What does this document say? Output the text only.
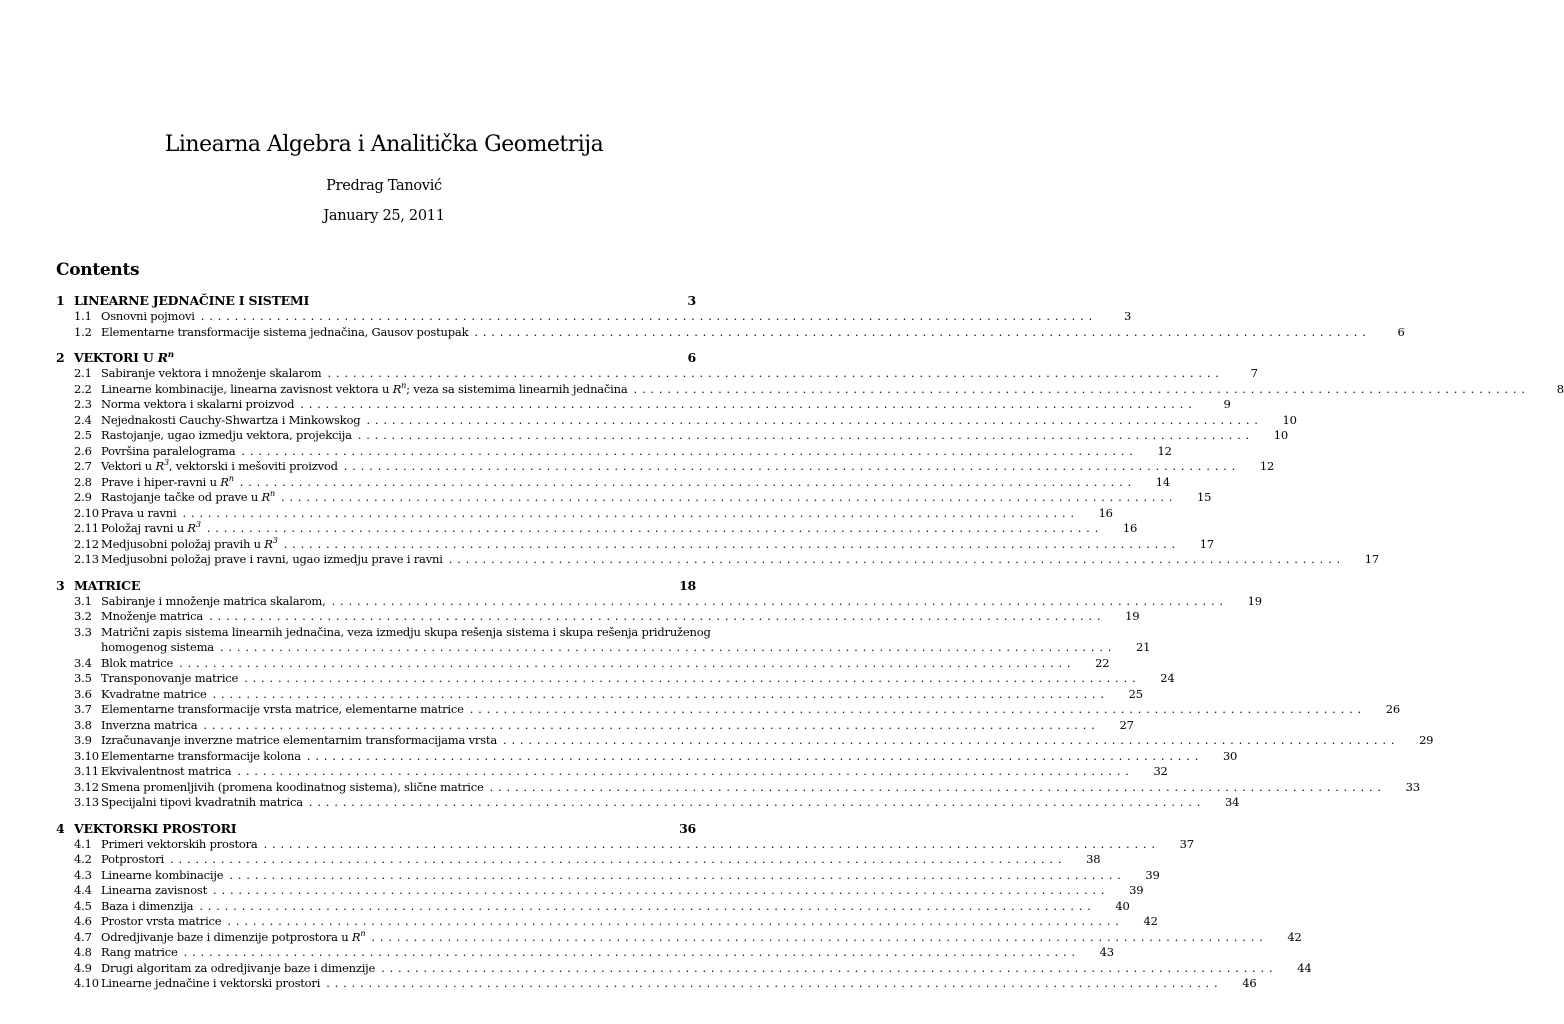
Linearna Algebra i Analitička Geometrija
Predrag Tanović
January 25, 2011
Contents
1 LINEARNE JEDNAČINE I SISTEMI	3
1.1 Osnovni pojmovi ..........................................................................................................	3
1.2 Elementarne transformacije sistema jednačina, Gausov postupak ..........................................................................................................	6
2 VEKTORI U $R^n$	6
2.1 Sabiranje vektora i množenje skalarom ..........................................................................................................	7
2.2 Linearne kombinacije, linearna zavisnost vektora u $R^n$; veza sa sistemima linearnih jednačina ..........................................................................................................	8
2.3 Norma vektora i skalarni proizvod ..........................................................................................................	9
2.4 Nejednakosti Cauchy-Shwartza i Minkowskog ..........................................................................................................	10
2.5 Rastojanje, ugao izmedju vektora, projekcija ..........................................................................................................	10
2.6 Površina paralelograma ..........................................................................................................	12
2.7 Vektori u $R^3$, vektorski i mešoviti proizvod ..........................................................................................................	12
2.8 Prave i hiper-ravni u $R^n$ ..........................................................................................................	14
2.9 Rastojanje tačke od prave u $R^n$ ..........................................................................................................	15
2.10 Prava u ravni ..........................................................................................................	16
2.11 Položaj ravni u $R^3$ ..........................................................................................................	16
2.12 Medjusobni položaj pravih u $R^3$ ..........................................................................................................	17
2.13 Medjusobni položaj prave i ravni, ugao izmedju prave i ravni ..........................................................................................................	17
3 MATRICE	18
3.1 Sabiranje i množenje matrica skalarom, ..........................................................................................................	19
3.2 Množenje matrica ..........................................................................................................	19
3.3 Matrični zapis sistema linearnih jednačina, veza izmedju skupa rešenja sistema i skupa rešenja pridruženog
homogenog sistema ..........................................................................................................	21
3.4 Blok matrice ..........................................................................................................	22
3.5 Transponovanje matrice ..........................................................................................................	24
3.6 Kvadratne matrice ..........................................................................................................	25
3.7 Elementarne transformacije vrsta matrice, elementarne matrice ..........................................................................................................	26
3.8 Inverzna matrica ..........................................................................................................	27
3.9 Izračunavanje inverzne matrice elementarnim transformacijama vrsta ..........................................................................................................	29
3.10 Elementarne transformacije kolona ..........................................................................................................	30
3.11 Ekvivalentnost matrica ..........................................................................................................	32
3.12 Smena promenljivih (promena koodinatnog sistema), slične matrice ..........................................................................................................	33
3.13 Specijalni tipovi kvadratnih matrica ..........................................................................................................	34
4 VEKTORSKI PROSTORI	36
4.1 Primeri vektorskih prostora ..........................................................................................................	37
4.2 Potprostori ..........................................................................................................	38
4.3 Linearne kombinacije ..........................................................................................................	39
4.4 Linearna zavisnost ..........................................................................................................	39
4.5 Baza i dimenzija ..........................................................................................................	40
4.6 Prostor vrsta matrice ..........................................................................................................	42
4.7 Odredjivanje baze i dimenzije potprostora u $R^n$ ..........................................................................................................	42
4.8 Rang matrice ..........................................................................................................	43
4.9 Drugi algoritam za odredjivanje baze i dimenzije ..........................................................................................................	44
4.10 Linearne jednačine i vektorski prostori ..........................................................................................................	46
